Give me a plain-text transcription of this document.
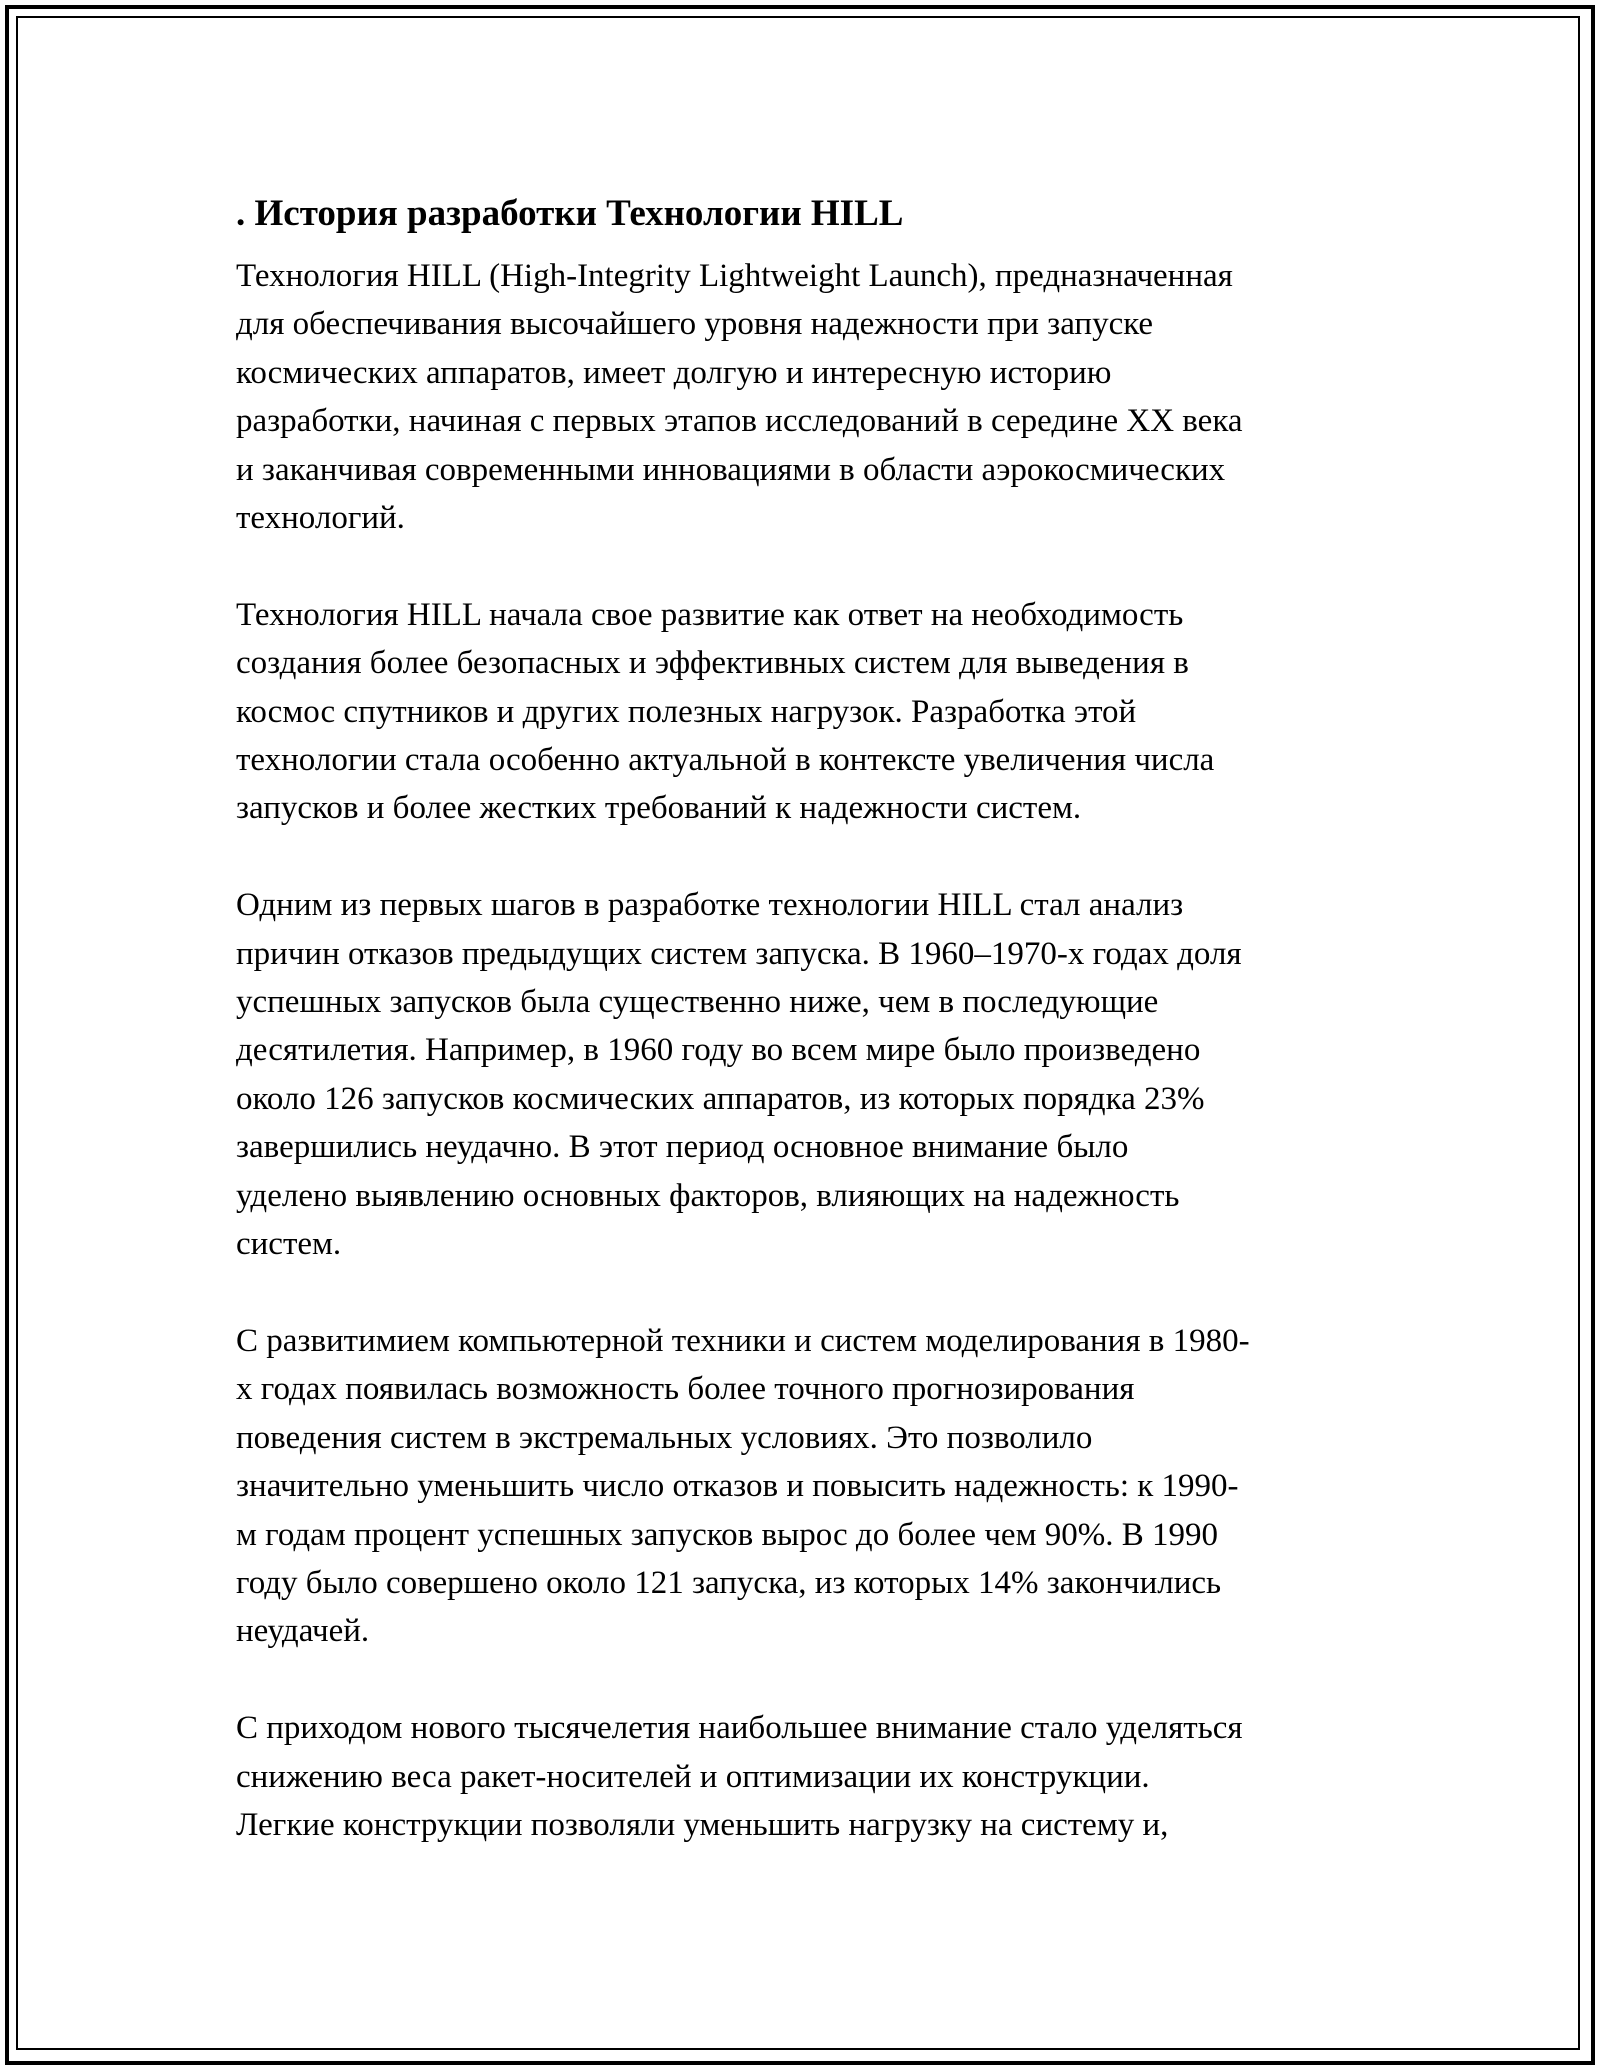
. История разработки Технологии HILL

Технология HILL (High-Integrity Lightweight Launch), предназначенная
для обеспечивания высочайшего уровня надежности при запуске
космических аппаратов, имеет долгую и интересную историю
разработки, начиная с первых этапов исследований в середине XX века
и заканчивая современными инновациями в области аэрокосмических
технологий.

Технология HILL начала свое развитие как ответ на необходимость
создания более безопасных и эффективных систем для выведения в
космос спутников и других полезных нагрузок. Разработка этой
технологии стала особенно актуальной в контексте увеличения числа
запусков и более жестких требований к надежности систем.

Одним из первых шагов в разработке технологии HILL стал анализ
причин отказов предыдущих систем запуска. В 1960–1970-х годах доля
успешных запусков была существенно ниже, чем в последующие
десятилетия. Например, в 1960 году во всем мире было произведено
около 126 запусков космических аппаратов, из которых порядка 23%
завершились неудачно. В этот период основное внимание было
уделено выявлению основных факторов, влияющих на надежность
систем.

С развитимием компьютерной техники и систем моделирования в 1980-
х годах появилась возможность более точного прогнозирования
поведения систем в экстремальных условиях. Это позволило
значительно уменьшить число отказов и повысить надежность: к 1990-
м годам процент успешных запусков вырос до более чем 90%. В 1990
году было совершено около 121 запуска, из которых 14% закончились
неудачей.

С приходом нового тысячелетия наибольшее внимание стало уделяться
снижению веса ракет-носителей и оптимизации их конструкции.
Легкие конструкции позволяли уменьшить нагрузку на систему и,
